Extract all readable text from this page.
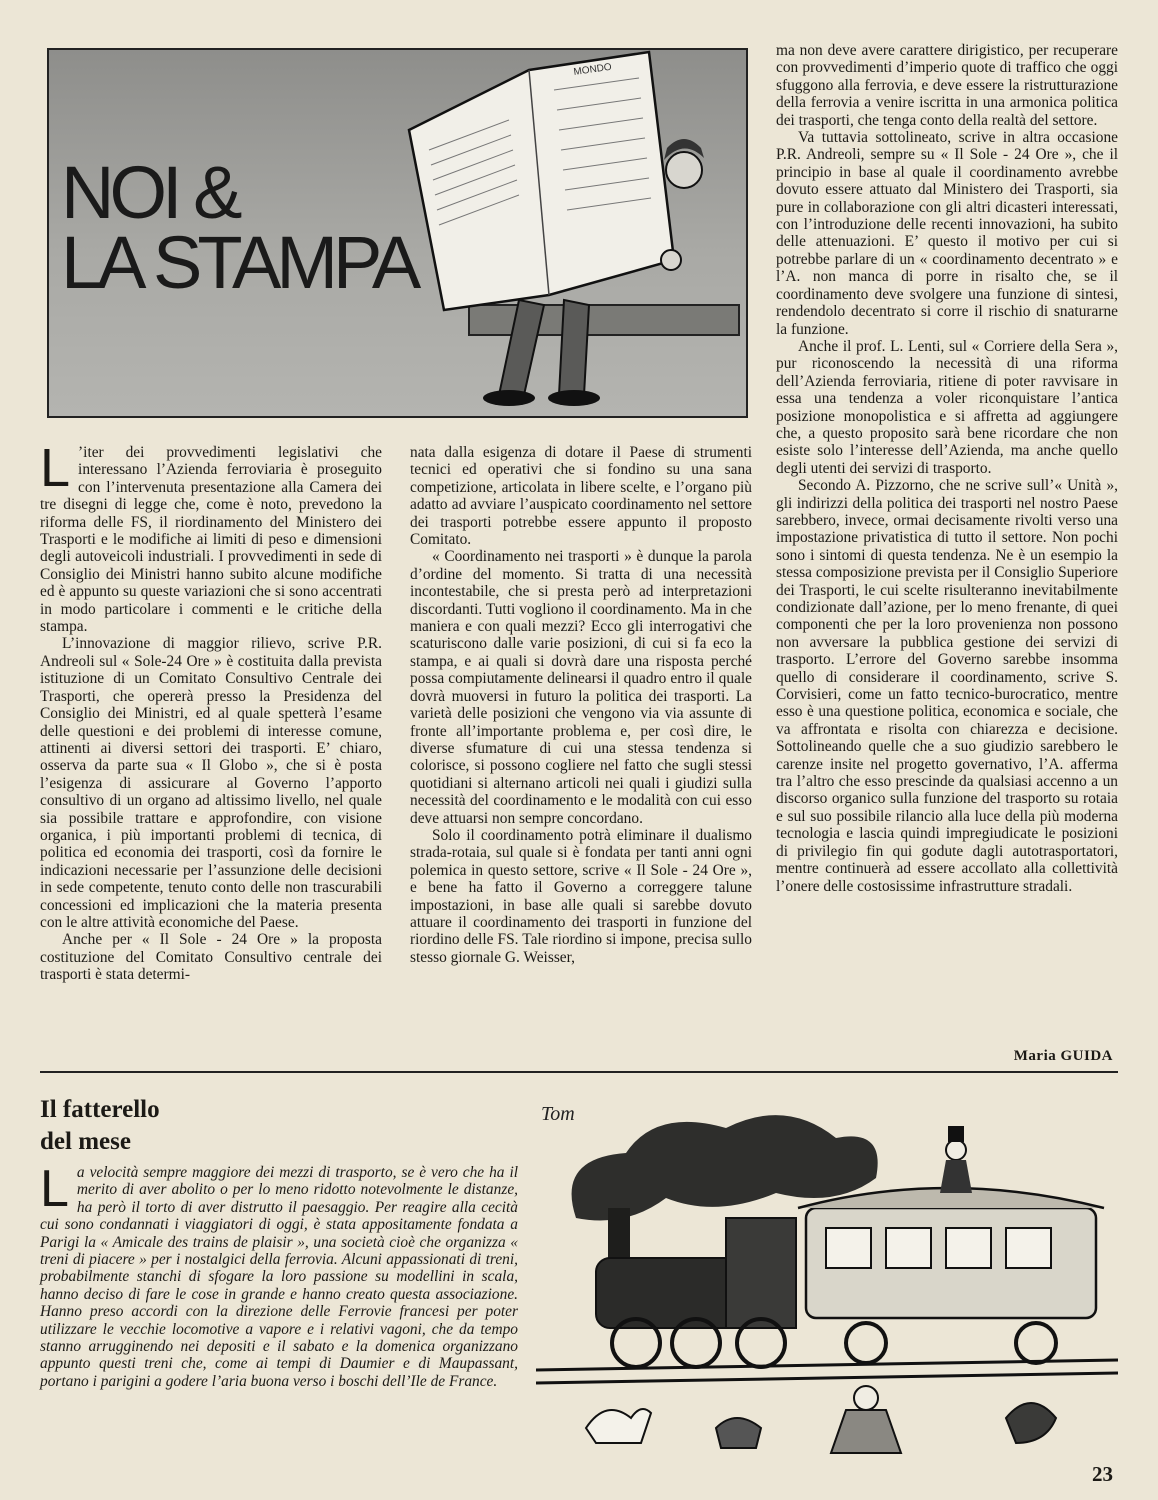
NOI &
LA STAMPA
MONDO

L ’iter dei provvedimenti legislativi che interessano l’Azienda ferroviaria è proseguito con l’intervenuta presentazione alla Camera dei tre disegni di legge che, come è noto, prevedono la riforma delle FS, il riordinamento del Ministero dei Trasporti e le modifiche ai limiti di peso e dimensioni degli autoveicoli industriali. I provvedimenti in sede di Consiglio dei Ministri hanno subito alcune modifiche ed è appunto su queste variazioni che si sono accentrati in modo particolare i commenti e le critiche della stampa.

L’innovazione di maggior rilievo, scrive P.R. Andreoli sul « Sole-24 Ore » è costituita dalla prevista istituzione di un Comitato Consultivo Centrale dei Trasporti, che opererà presso la Presidenza del Consiglio dei Ministri, ed al quale spetterà l’esame delle questioni e dei problemi di interesse comune, attinenti ai diversi settori dei trasporti. E’ chiaro, osserva da parte sua « Il Globo », che si è posta l’esigenza di assicurare al Governo l’apporto consultivo di un organo ad altissimo livello, nel quale sia possibile trattare e approfondire, con visione organica, i più importanti problemi di tecnica, di politica ed economia dei trasporti, così da fornire le indicazioni necessarie per l’assunzione delle decisioni in sede competente, tenuto conto delle non trascurabili concessioni ed implicazioni che la materia presenta con le altre attività economiche del Paese.

Anche per « Il Sole - 24 Ore » la proposta costituzione del Comitato Consultivo centrale dei trasporti è stata determi-

nata dalla esigenza di dotare il Paese di strumenti tecnici ed operativi che si fondino su una sana competizione, articolata in libere scelte, e l’organo più adatto ad avviare l’auspicato coordinamento nel settore dei trasporti potrebbe essere appunto il proposto Comitato.

« Coordinamento nei trasporti » è dunque la parola d’ordine del momento. Si tratta di una necessità incontestabile, che si presta però ad interpretazioni discordanti. Tutti vogliono il coordinamento. Ma in che maniera e con quali mezzi? Ecco gli interrogativi che scaturiscono dalle varie posizioni, di cui si fa eco la stampa, e ai quali si dovrà dare una risposta perché possa compiutamente delinearsi il quadro entro il quale dovrà muoversi in futuro la politica dei trasporti. La varietà delle posizioni che vengono via via assunte di fronte all’importante problema e, per così dire, le diverse sfumature di cui una stessa tendenza si colorisce, si possono cogliere nel fatto che sugli stessi quotidiani si alternano articoli nei quali i giudizi sulla necessità del coordinamento e le modalità con cui esso deve attuarsi non sempre concordano.

Solo il coordinamento potrà eliminare il dualismo strada-rotaia, sul quale si è fondata per tanti anni ogni polemica in questo settore, scrive « Il Sole - 24 Ore », e bene ha fatto il Governo a correggere talune impostazioni, in base alle quali si sarebbe dovuto attuare il coordinamento dei trasporti in funzione del riordino delle FS. Tale riordino si impone, precisa sullo stesso giornale G. Weisser,

ma non deve avere carattere dirigistico, per recuperare con provvedimenti d’imperio quote di traffico che oggi sfuggono alla ferrovia, e deve essere la ristrutturazione della ferrovia a venire iscritta in una armonica politica dei trasporti, che tenga conto della realtà del settore.

Va tuttavia sottolineato, scrive in altra occasione P.R. Andreoli, sempre su « Il Sole - 24 Ore », che il principio in base al quale il coordinamento avrebbe dovuto essere attuato dal Ministero dei Trasporti, sia pure in collaborazione con gli altri dicasteri interessati, con l’introduzione delle recenti innovazioni, ha subito delle attenuazioni. E’ questo il motivo per cui si potrebbe parlare di un « coordinamento decentrato » e l’A. non manca di porre in risalto che, se il coordinamento deve svolgere una funzione di sintesi, rendendolo decentrato si corre il rischio di snaturarne la funzione.

Anche il prof. L. Lenti, sul « Corriere della Sera », pur riconoscendo la necessità di una riforma dell’Azienda ferroviaria, ritiene di poter ravvisare in essa una tendenza a voler riconquistare l’antica posizione monopolistica e si affretta ad aggiungere che, a questo proposito sarà bene ricordare che non esiste solo l’interesse dell’Azienda, ma anche quello degli utenti dei servizi di trasporto.

Secondo A. Pizzorno, che ne scrive sull’« Unità », gli indirizzi della politica dei trasporti nel nostro Paese sarebbero, invece, ormai decisamente rivolti verso una impostazione privatistica di tutto il settore. Non pochi sono i sintomi di questa tendenza. Ne è un esempio la stessa composizione prevista per il Consiglio Superiore dei Trasporti, le cui scelte risulteranno inevitabilmente condizionate dall’azione, per lo meno frenante, di quei componenti che per la loro provenienza non possono non avversare la pubblica gestione dei servizi di trasporto. L’errore del Governo sarebbe insomma quello di considerare il coordinamento, scrive S. Corvisieri, come un fatto tecnico-burocratico, mentre esso è una questione politica, economica e sociale, che va affrontata e risolta con chiarezza e decisione. Sottolineando quelle che a suo giudizio sarebbero le carenze insite nel progetto governativo, l’A. afferma tra l’altro che esso prescinde da qualsiasi accenno a un discorso organico sulla funzione del trasporto su rotaia e sul suo possibile rilancio alla luce della più moderna tecnologia e lascia quindi impregiudicate le posizioni di privilegio fin qui godute dagli autotrasportatori, mentre continuerà ad essere accollato alla collettività l’onere delle costosissime infrastrutture stradali.

Maria GUIDA
Il fatterello
del mese
La velocità sempre maggiore dei mezzi di trasporto, se è vero che ha il merito di aver abolito o per lo meno ridotto notevolmente le distanze, ha però il torto di aver distrutto il paesaggio. Per reagire alla cecità cui sono condannati i viaggiatori di oggi, è stata appositamente fondata a Parigi la « Amicale des trains de plaisir », una società cioè che organizza « treni di piacere » per i nostalgici della ferrovia. Alcuni appassionati di treni, probabilmente stanchi di sfogare la loro passione su modellini in scala, hanno deciso di fare le cose in grande e hanno creato questa associazione. Hanno preso accordi con la direzione delle Ferrovie francesi per poter utilizzare le vecchie locomotive a vapore e i relativi vagoni, che da tempo stanno arrugginendo nei depositi e il sabato e la domenica organizzano appunto questi treni che, come ai tempi di Daumier e di Maupassant, portano i parigini a godere l’aria buona verso i boschi dell’Ile de France.
Tom
23
